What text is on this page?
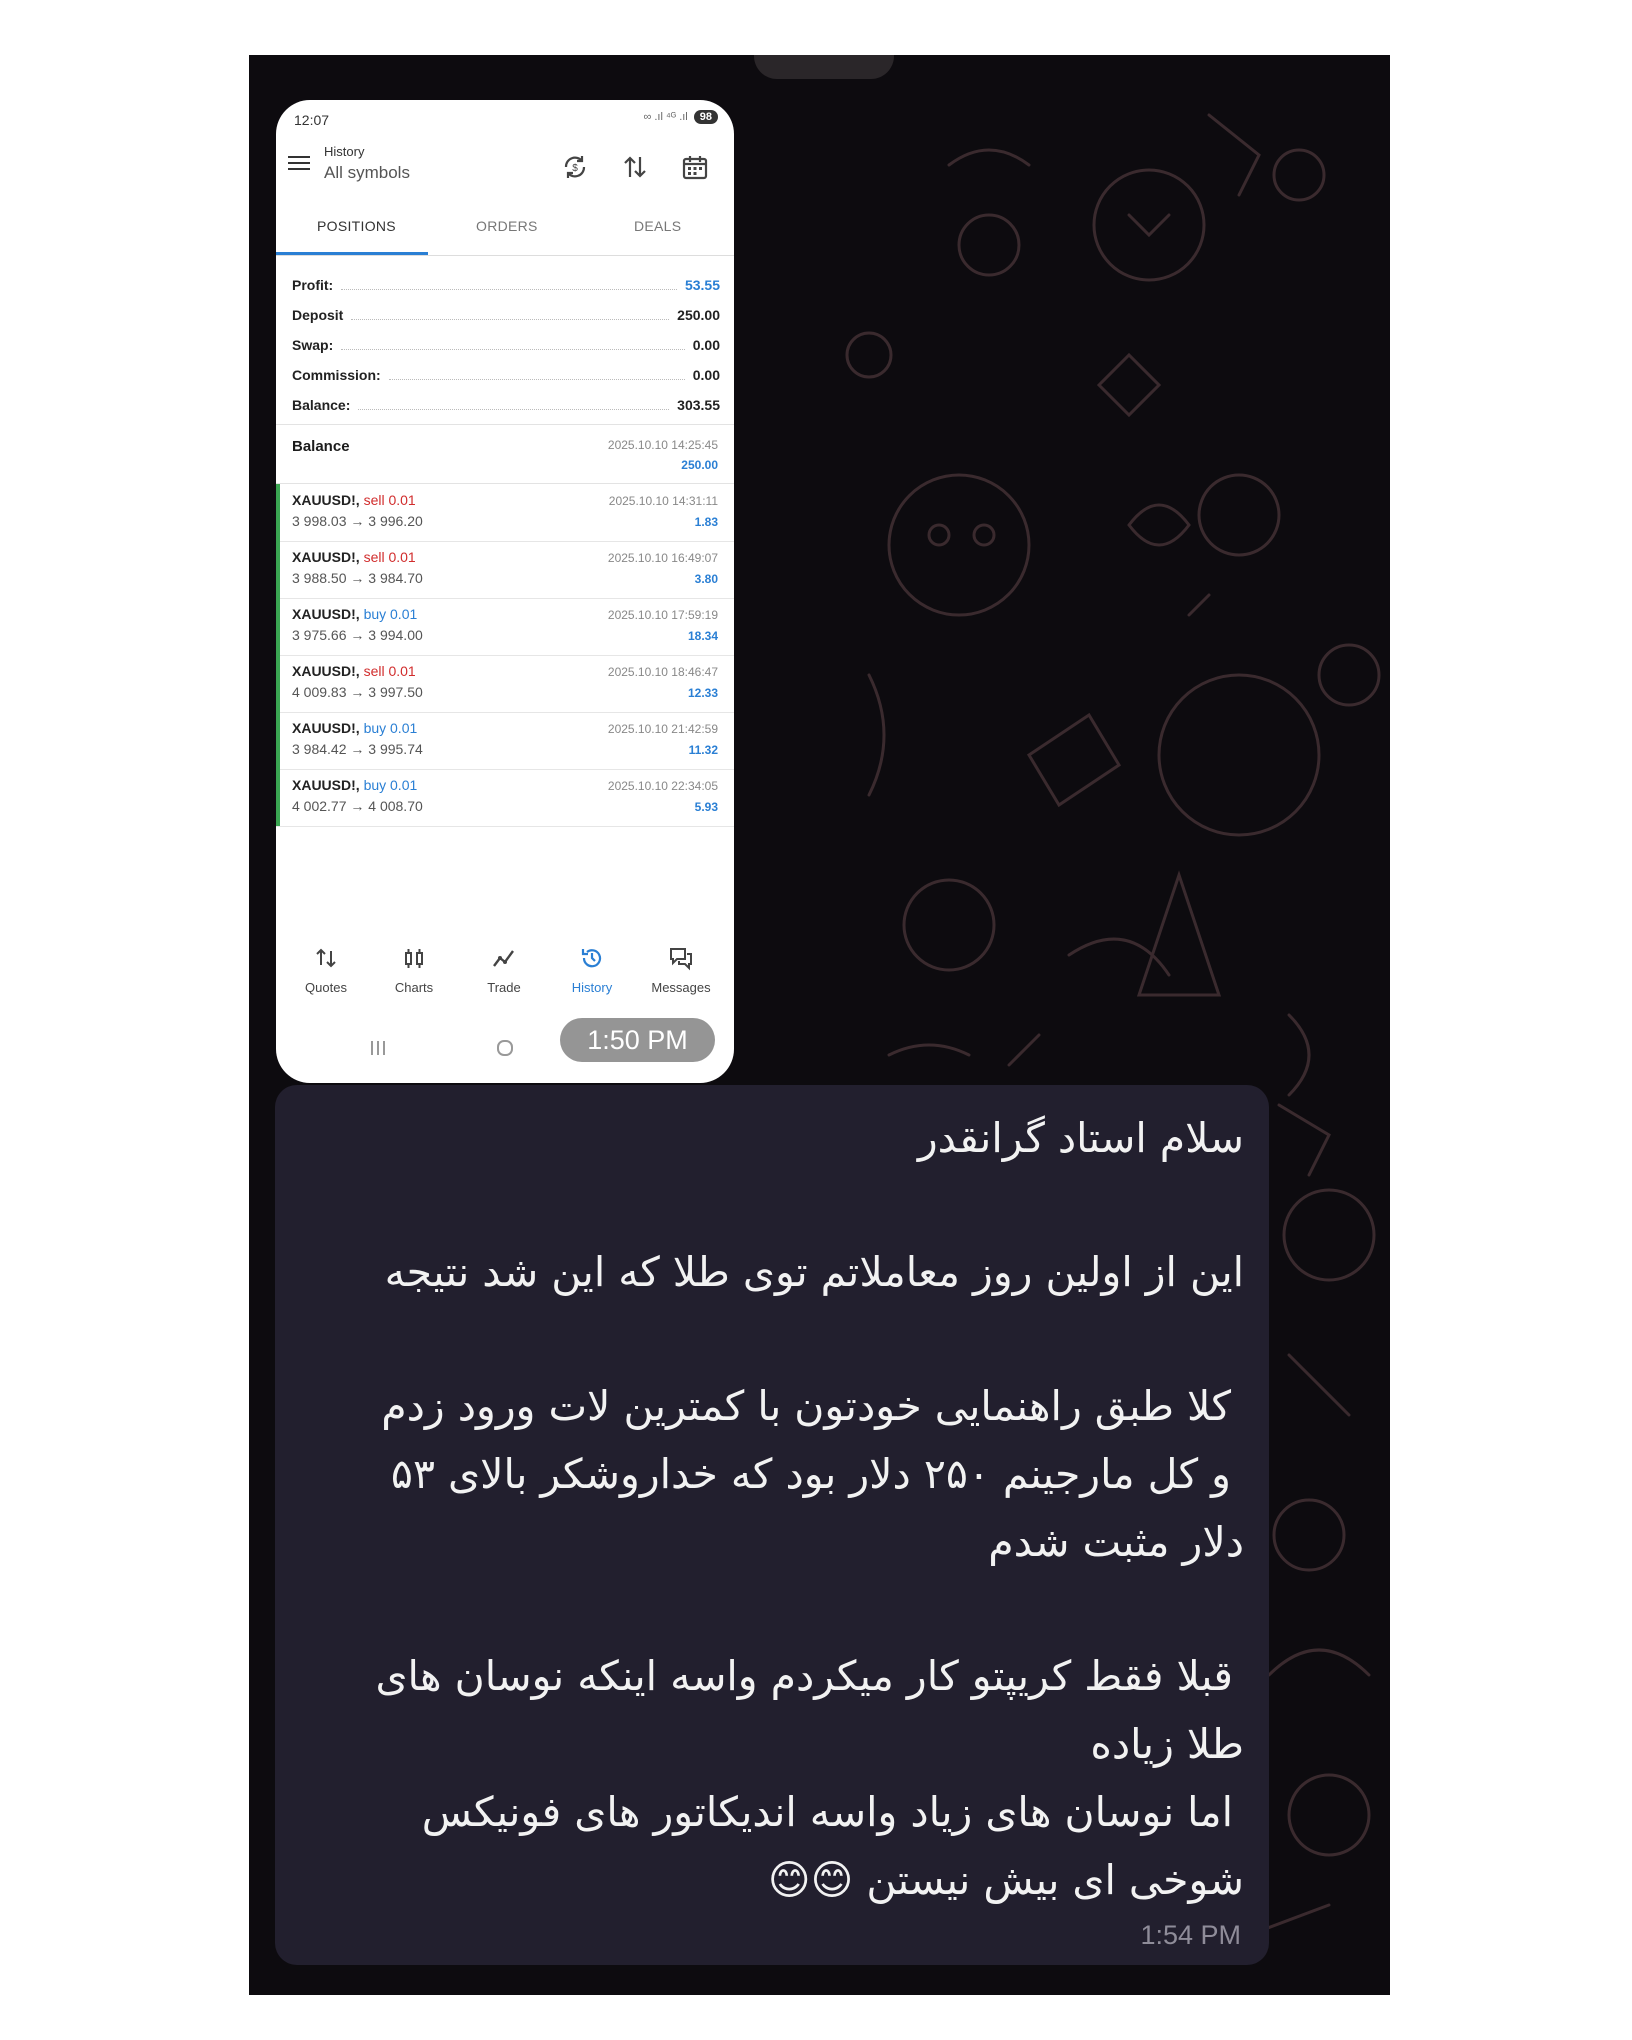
12:07	∞ .ıl ⁴ᴳ .ıl	98
History
All symbols	$
POSITIONS	ORDERS	DEALS
Profit:	53.55
Deposit	250.00
Swap:	0.00
Commission:	0.00
Balance:	303.55
Balance	2025.10.10 14:25:45
250.00
XAUUSD!, sell 0.01
3 998.03 → 3 996.20
2025.10.10 14:31:11
1.83
XAUUSD!, sell 0.01
3 988.50 → 3 984.70
2025.10.10 16:49:07
3.80
XAUUSD!, buy 0.01
3 975.66 → 3 994.00
2025.10.10 17:59:19
18.34
XAUUSD!, sell 0.01
4 009.83 → 3 997.50
2025.10.10 18:46:47
12.33
XAUUSD!, buy 0.01
3 984.42 → 3 995.74
2025.10.10 21:42:59
11.32
XAUUSD!, buy 0.01
4 002.77 → 4 008.70
2025.10.10 22:34:05
5.93
Quotes	Charts	Trade	History	Messages
1:50 PM
سلام استاد گرانقدر
این از اولین روز معاملاتم توی طلا که این شد نتیجه
کلا طبق راهنمایی خودتون با کمترین لات ورود زدم
و کل مارجینم ۲۵۰ دلار بود که خداروشکر بالای ۵۳
دلار مثبت شدم
قبلا فقط کریپتو کار میکردم واسه اینکه نوسان های
طلا زیاده
اما نوسان های زیاد واسه اندیکاتور های فونیکس
شوخی ای بیش نیستن 😊😊
1:54 PM
